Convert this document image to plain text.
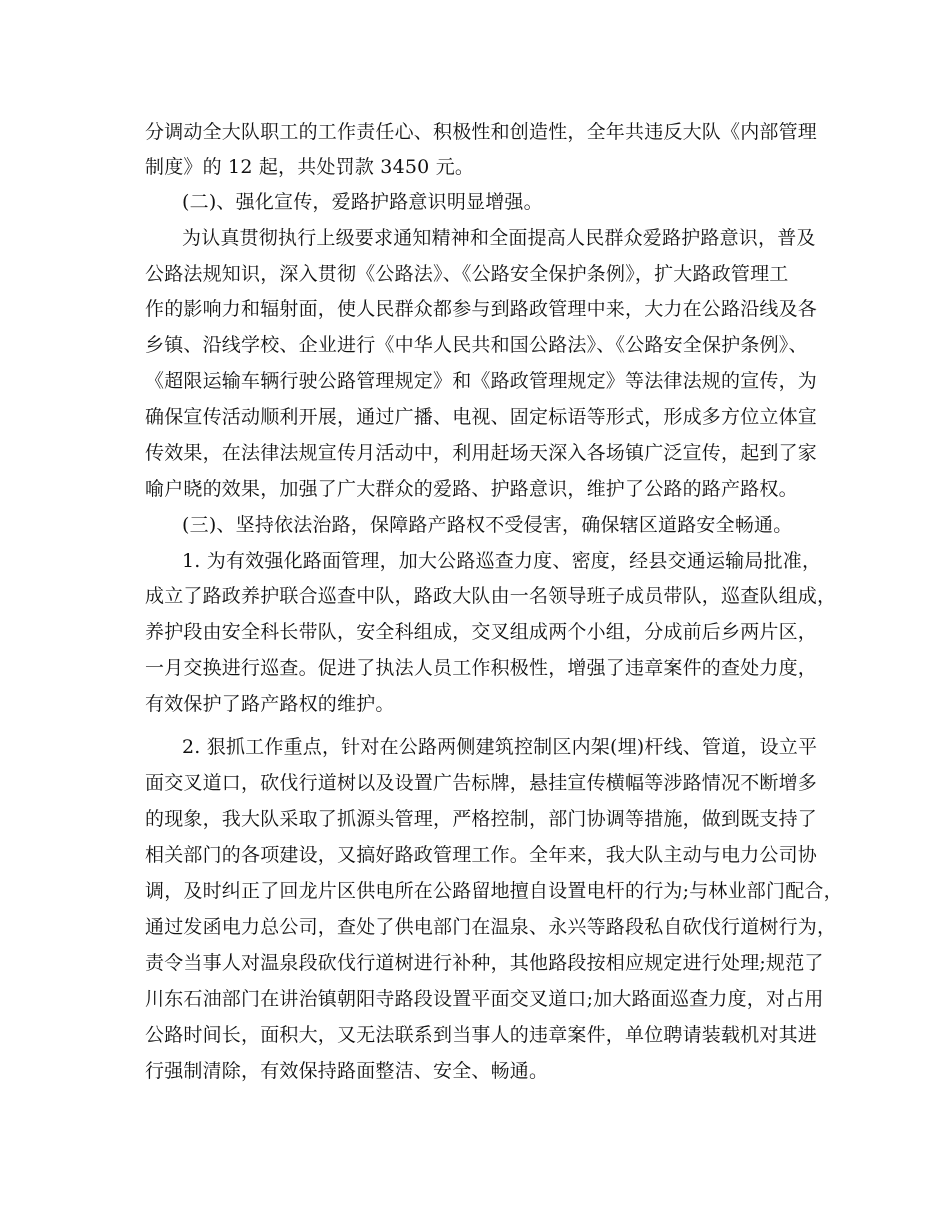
分调动全大队职工的工作责任心、积极性和创造性，全年共违反大队《内部管理
制度》的 12 起，共处罚款 3450 元。
(二)、强化宣传，爱路护路意识明显增强。
为认真贯彻执行上级要求通知精神和全面提高人民群众爱路护路意识，普及
公路法规知识，深入贯彻《公路法》、《公路安全保护条例》，扩大路政管理工
作的影响力和辐射面，使人民群众都参与到路政管理中来，大力在公路沿线及各
乡镇、沿线学校、企业进行《中华人民共和国公路法》、《公路安全保护条例》、
《超限运输车辆行驶公路管理规定》和《路政管理规定》等法律法规的宣传，为
确保宣传活动顺利开展，通过广播、电视、固定标语等形式，形成多方位立体宣
传效果，在法律法规宣传月活动中，利用赶场天深入各场镇广泛宣传，起到了家
喻户晓的效果，加强了广大群众的爱路、护路意识，维护了公路的路产路权。
(三)、坚持依法治路，保障路产路权不受侵害，确保辖区道路安全畅通。
1. 为有效强化路面管理，加大公路巡查力度、密度，经县交通运输局批准，
成立了路政养护联合巡查中队，路政大队由一名领导班子成员带队，巡查队组成，
养护段由安全科长带队，安全科组成，交叉组成两个小组，分成前后乡两片区，
一月交换进行巡查。促进了执法人员工作积极性，增强了违章案件的查处力度，
有效保护了路产路权的维护。
2. 狠抓工作重点，针对在公路两侧建筑控制区内架(埋)杆线、管道，设立平
面交叉道口，砍伐行道树以及设置广告标牌，悬挂宣传横幅等涉路情况不断增多
的现象，我大队采取了抓源头管理，严格控制，部门协调等措施，做到既支持了
相关部门的各项建设，又搞好路政管理工作。全年来，我大队主动与电力公司协
调，及时纠正了回龙片区供电所在公路留地擅自设置电杆的行为;与林业部门配合，
通过发函电力总公司，查处了供电部门在温泉、永兴等路段私自砍伐行道树行为，
责令当事人对温泉段砍伐行道树进行补种，其他路段按相应规定进行处理;规范了
川东石油部门在讲治镇朝阳寺路段设置平面交叉道口;加大路面巡查力度，对占用
公路时间长，面积大，又无法联系到当事人的违章案件，单位聘请装载机对其进
行强制清除，有效保持路面整洁、安全、畅通。
